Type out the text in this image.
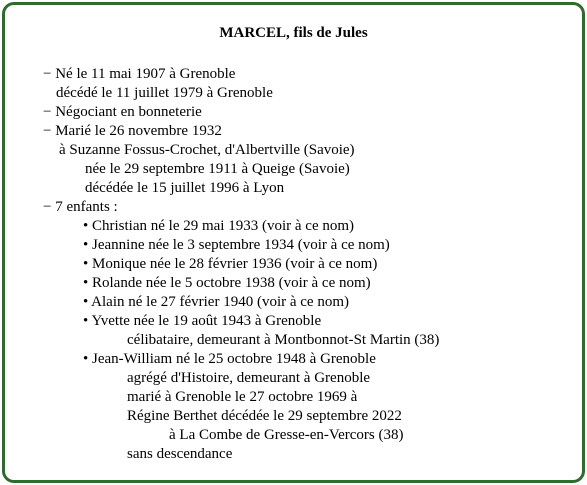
MARCEL, fils de Jules
− Né le 11 mai 1907 à Grenoble
décédé le 11 juillet 1979 à Grenoble
− Négociant en bonneterie
− Marié le 26 novembre 1932
à Suzanne Fossus-Crochet, d'Albertville (Savoie)
née le 29 septembre 1911 à Queige (Savoie)
décédée le 15 juillet 1996 à Lyon
− 7 enfants :
• Christian né le 29 mai 1933 (voir à ce nom)
• Jeannine née le 3 septembre 1934 (voir à ce nom)
• Monique née le 28 février 1936 (voir à ce nom)
• Rolande née le 5 octobre 1938 (voir à ce nom)
• Alain né le 27 février 1940 (voir à ce nom)
• Yvette née le 19 août 1943 à Grenoble
célibataire, demeurant à Montbonnot-St Martin (38)
• Jean-William né le 25 octobre 1948 à Grenoble
agrégé d'Histoire, demeurant à Grenoble
marié à Grenoble le 27 octobre 1969 à
Régine Berthet décédée le 29 septembre 2022
à La Combe de Gresse-en-Vercors (38)
sans descendance
